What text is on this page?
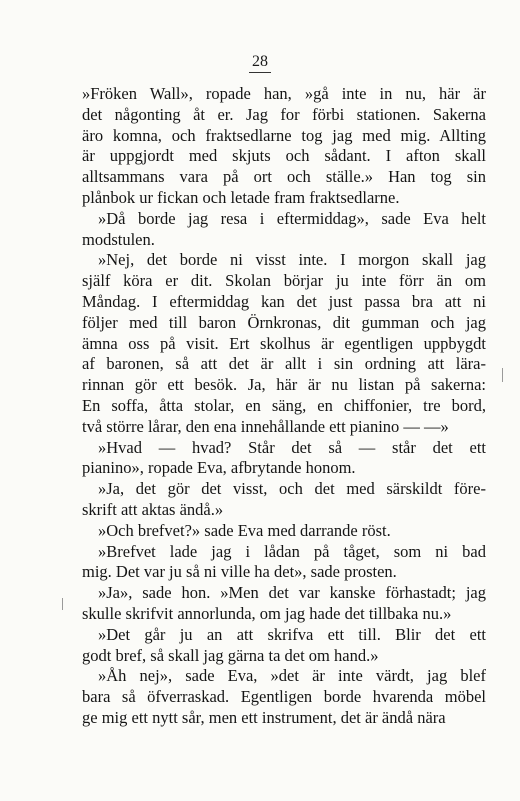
28
»Fröken Wall», ropade han, »gå inte in nu, här är
det någonting åt er. Jag for förbi stationen. Sakerna
äro komna, och fraktsedlarne tog jag med mig. Allting
är uppgjordt med skjuts och sådant. I afton skall
alltsammans vara på ort och ställe.» Han tog sin
plånbok ur fickan och letade fram fraktsedlarne.
»Då borde jag resa i eftermiddag», sade Eva helt
modstulen.
»Nej, det borde ni visst inte. I morgon skall jag
själf köra er dit. Skolan börjar ju inte förr än om
Måndag. I eftermiddag kan det just passa bra att ni
följer med till baron Örnkronas, dit gumman och jag
ämna oss på visit. Ert skolhus är egentligen uppbygdt
af baronen, så att det är allt i sin ordning att lära-
rinnan gör ett besök. Ja, här är nu listan på sakerna:
En soffa, åtta stolar, en säng, en chiffonier, tre bord,
två större lårar, den ena innehållande ett pianino — —»
»Hvad — hvad? Står det så — står det ett
pianino», ropade Eva, afbrytande honom.
»Ja, det gör det visst, och det med särskildt före-
skrift att aktas ändå.»
»Och brefvet?» sade Eva med darrande röst.
»Brefvet lade jag i lådan på tåget, som ni bad
mig. Det var ju så ni ville ha det», sade prosten.
»Ja», sade hon. »Men det var kanske förhastadt; jag
skulle skrifvit annorlunda, om jag hade det tillbaka nu.»
»Det går ju an att skrifva ett till. Blir det ett
godt bref, så skall jag gärna ta det om hand.»
»Åh nej», sade Eva, »det är inte värdt, jag blef
bara så öfverraskad. Egentligen borde hvarenda möbel
ge mig ett nytt sår, men ett instrument, det är ändå nära
